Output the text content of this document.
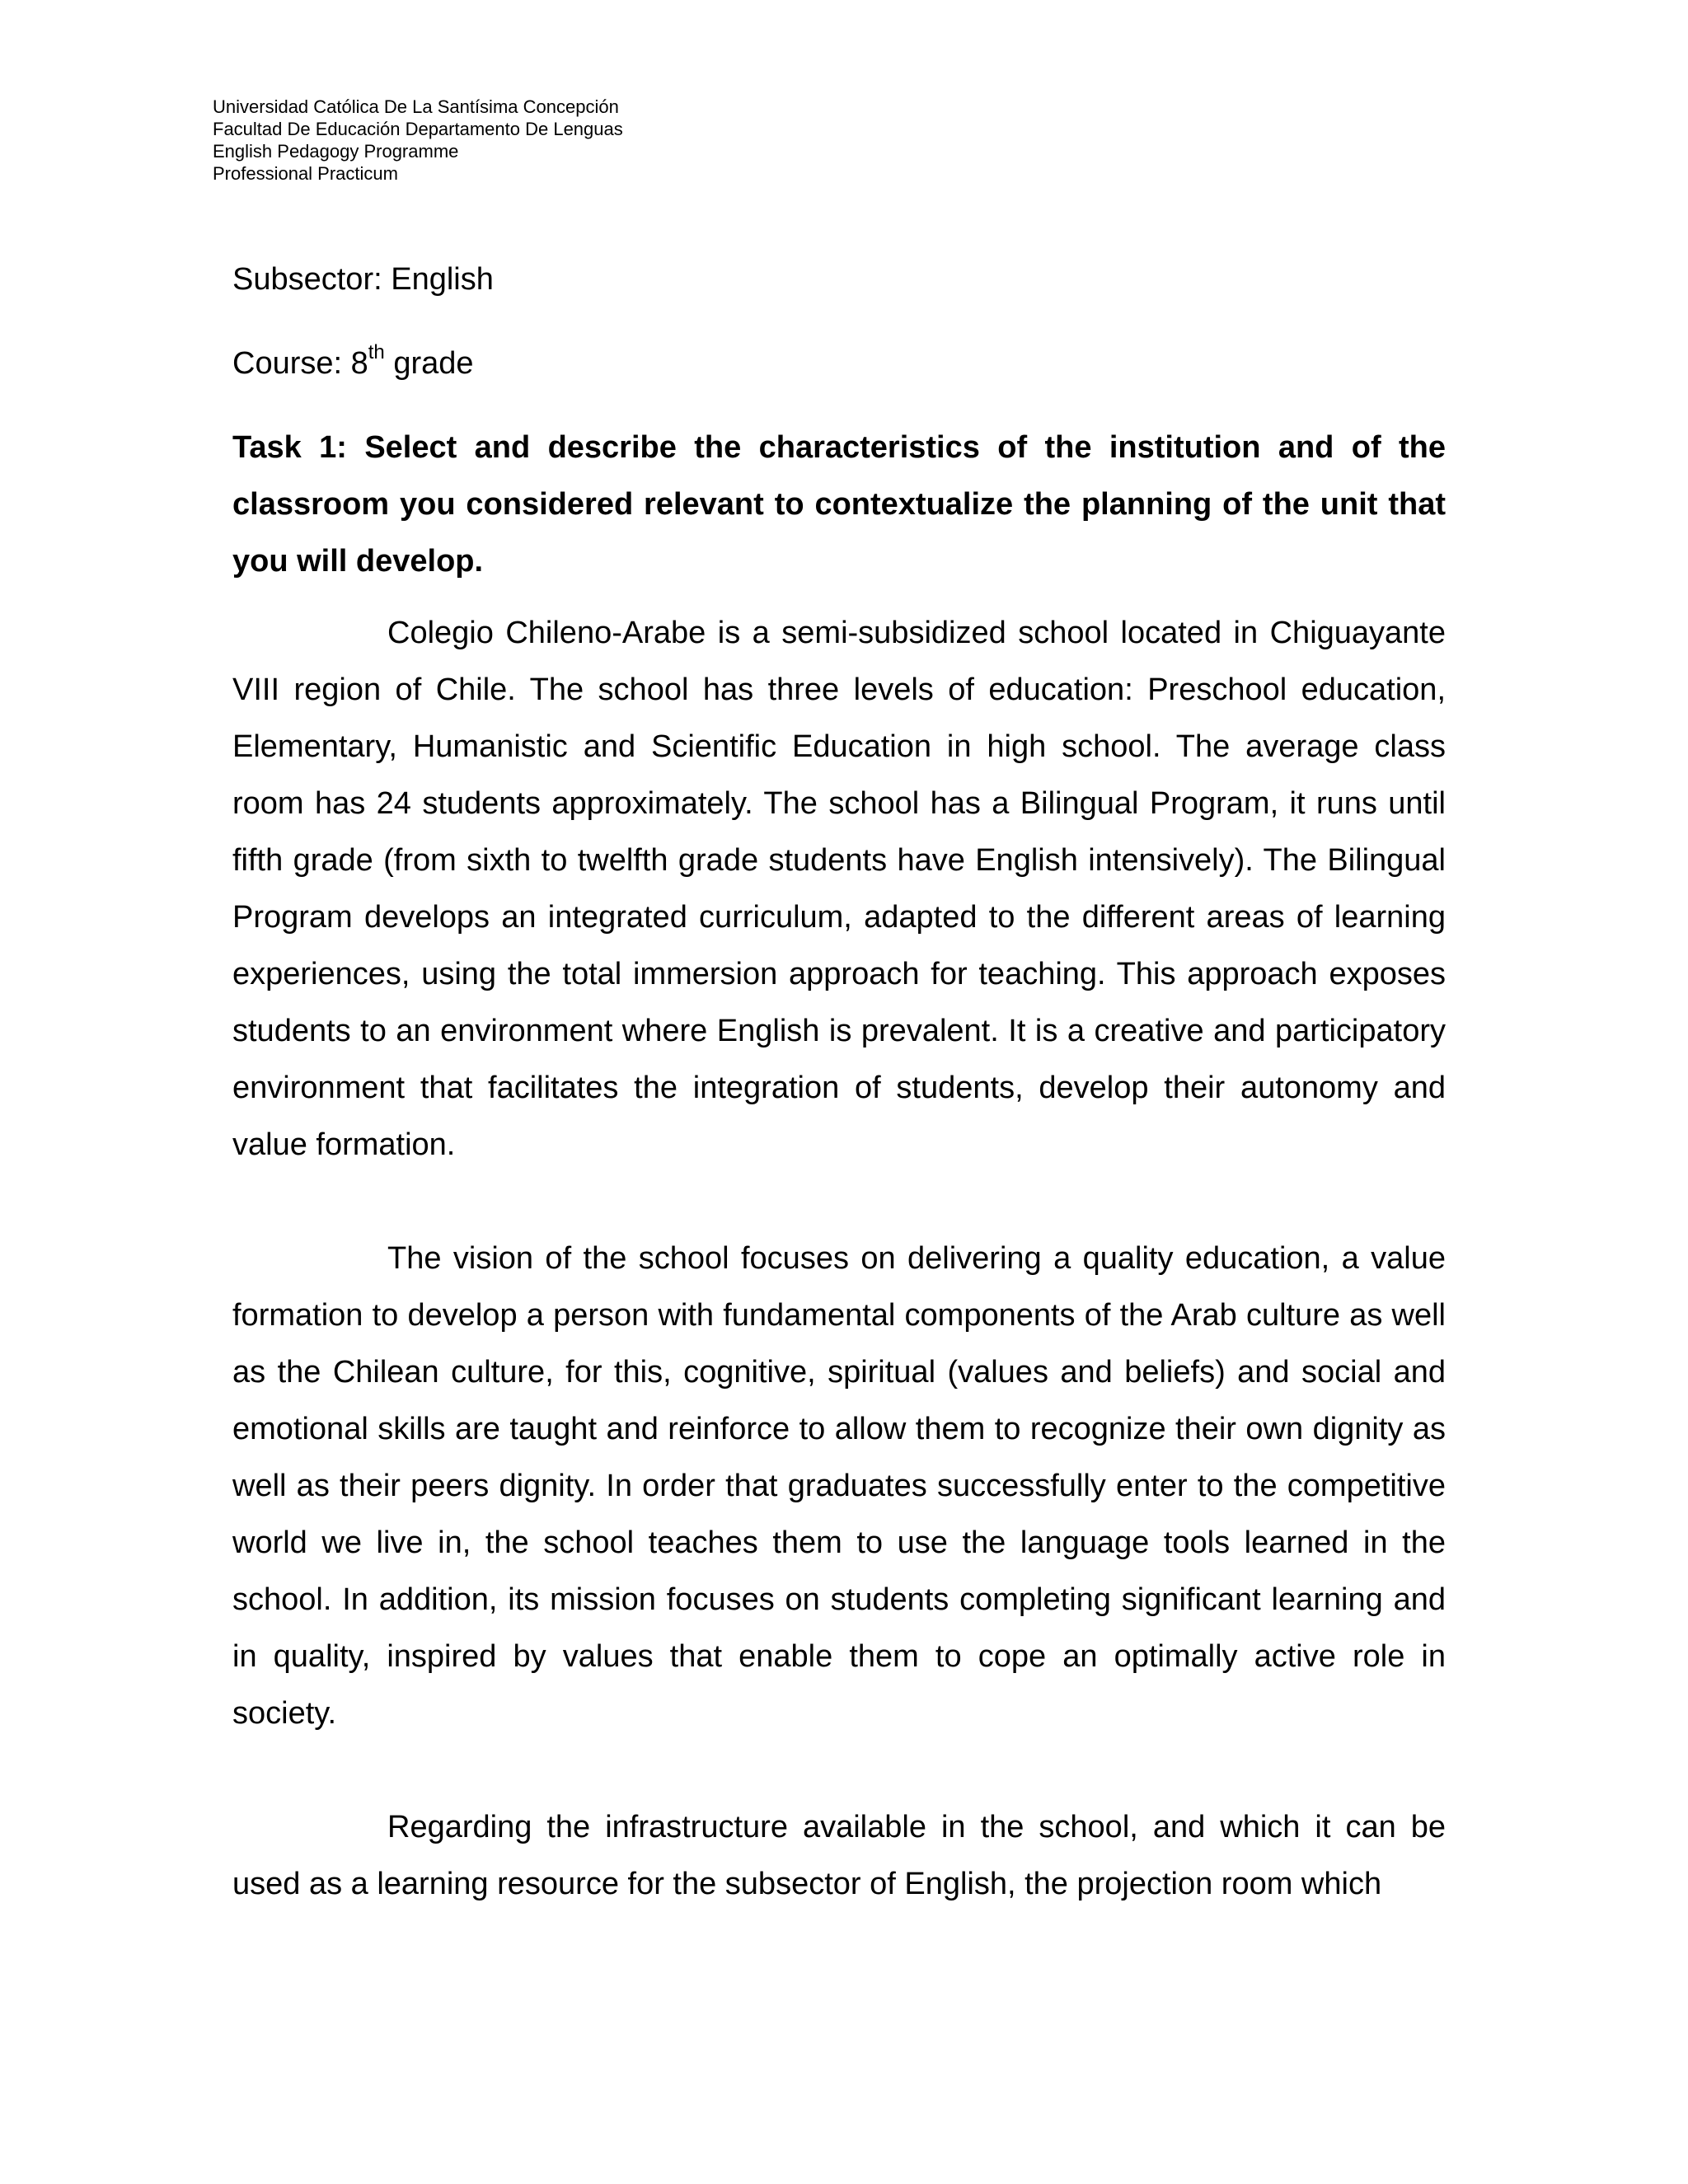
Universidad Católica De La Santísima Concepción
Facultad De Educación Departamento De Lenguas
English Pedagogy Programme
Professional Practicum
Subsector: English
Course: 8th grade

Task 1: Select and describe the characteristics of the institution and of the classroom you considered relevant to contextualize the planning of the unit that you will develop.

Colegio Chileno-Arabe is a semi-subsidized school located in Chiguayante VIII region of Chile. The school has three levels of education: Preschool education, Elementary, Humanistic and Scientific Education in high school. The average class room has 24 students approximately. The school has a Bilingual Program, it runs until fifth grade (from sixth to twelfth grade students have English intensively). The Bilingual Program develops an integrated curriculum, adapted to the different areas of learning experiences, using the total immersion approach for teaching. This approach exposes students to an environment where English is prevalent. It is a creative and participatory environment that facilitates the integration of students, develop their autonomy and value formation.

The vision of the school focuses on delivering a quality education, a value formation to develop a person with fundamental components of the Arab culture as well as the Chilean culture, for this, cognitive, spiritual (values and beliefs) and social and emotional skills are taught and reinforce to allow them to recognize their own dignity as well as their peers dignity. In order that graduates successfully enter to the competitive world we live in, the school teaches them to use the language tools learned in the school. In addition, its mission focuses on students completing significant learning and in quality, inspired by values that enable them to cope an optimally active role in society.

Regarding the infrastructure available in the school, and which it can be used as a learning resource for the subsector of English, the projection room which
